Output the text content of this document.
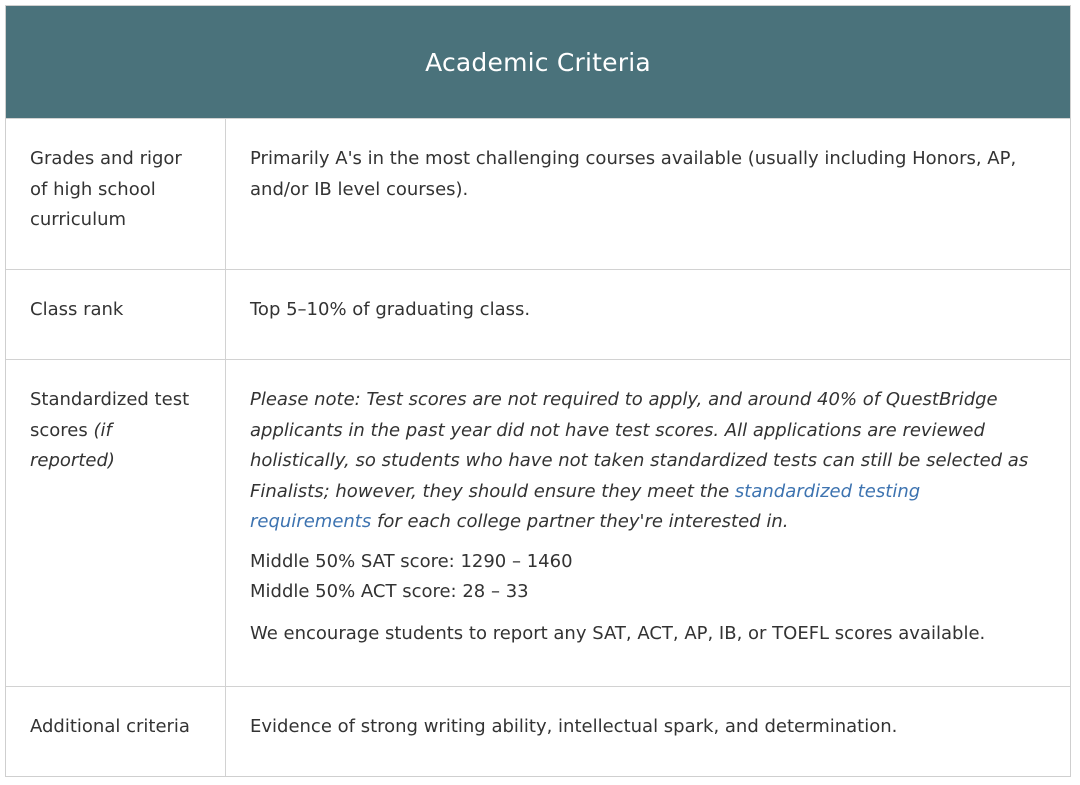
Academic Criteria
Grades and rigor of high school curriculum
Primarily A's in the most challenging courses available (usually including Honors, AP, and/or IB level courses).
Class rank	Top 5–10% of graduating class.
Standardized test scores (if reported)

Please note: Test scores are not required to apply, and around 40% of QuestBridge applicants in the past year did not have test scores. All applications are reviewed holistically, so students who have not taken standardized tests can still be selected as Finalists; however, they should ensure they meet the standardized testing requirements for each college partner they're interested in.

Middle 50% SAT score: 1290 – 1460
Middle 50% ACT score: 28 – 33

We encourage students to report any SAT, ACT, AP, IB, or TOEFL scores available.

Additional criteria	Evidence of strong writing ability, intellectual spark, and determination.
